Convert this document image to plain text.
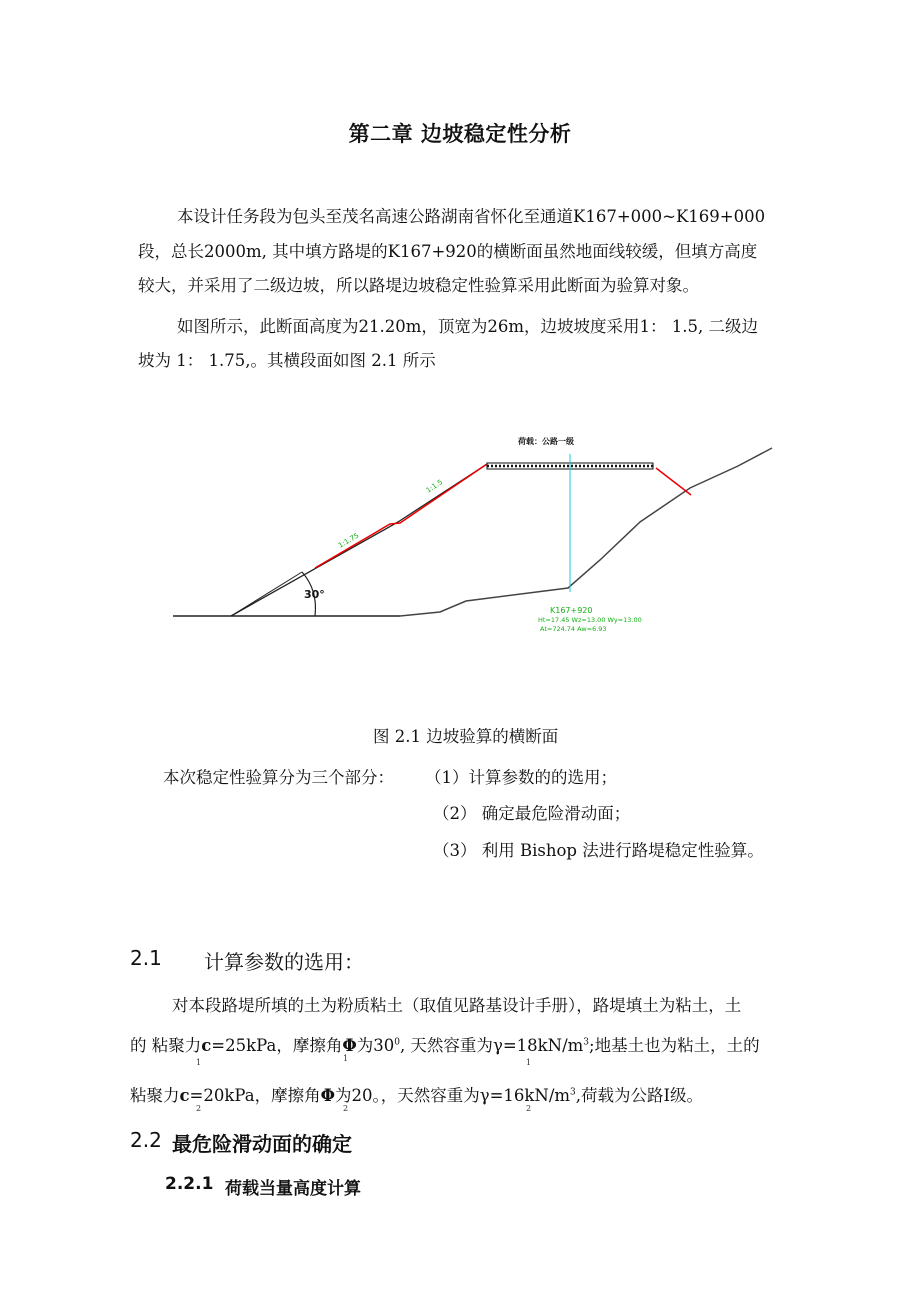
第二章 边坡稳定性分析
本设计任务段为包头至茂名高速公路湖南省怀化至通道K167+000~K169+000
段，总长2000m, 其中填方路堤的K167+920的横断面虽然地面线较缓，但填方高度
较大，并采用了二级边坡，所以路堤边坡稳定性验算采用此断面为验算对象。
如图所示，此断面高度为21.20m，顶宽为26m，边坡坡度采用1： 1.5, 二级边
坡为 1： 1.75,。其横段面如图 2.1 所示
30°
荷载：公路一级
1:1.5
1:1.75
K167+920
Ht=17.45 Wz=13.00 Wy=13.00
At=724.74 Aw=6.93
图 2.1 边坡验算的横断面
本次稳定性验算分为三个部分： （1）计算参数的的选用；
（2） 确定最危险滑动面；
（3） 利用 Bishop 法进行路堤稳定性验算。
2.1 计算参数的选用：
对本段路堤所填的土为粉质粘土（取值见路基设计手册），路堤填土为粘土，土
的 粘聚力c=25kPa，摩擦角Φ为$30^0$, 天然容重为$\gamma=18kN/m^3$;地基土也为粘土，土的
1	1	1
粘聚力c=20kPa，摩擦角Φ为20。，天然容重为$\gamma=16kN/m^3$,荷载为公路I级。
2	2	2
2.2 最危险滑动面的确定
2.2.1 荷载当量高度计算
